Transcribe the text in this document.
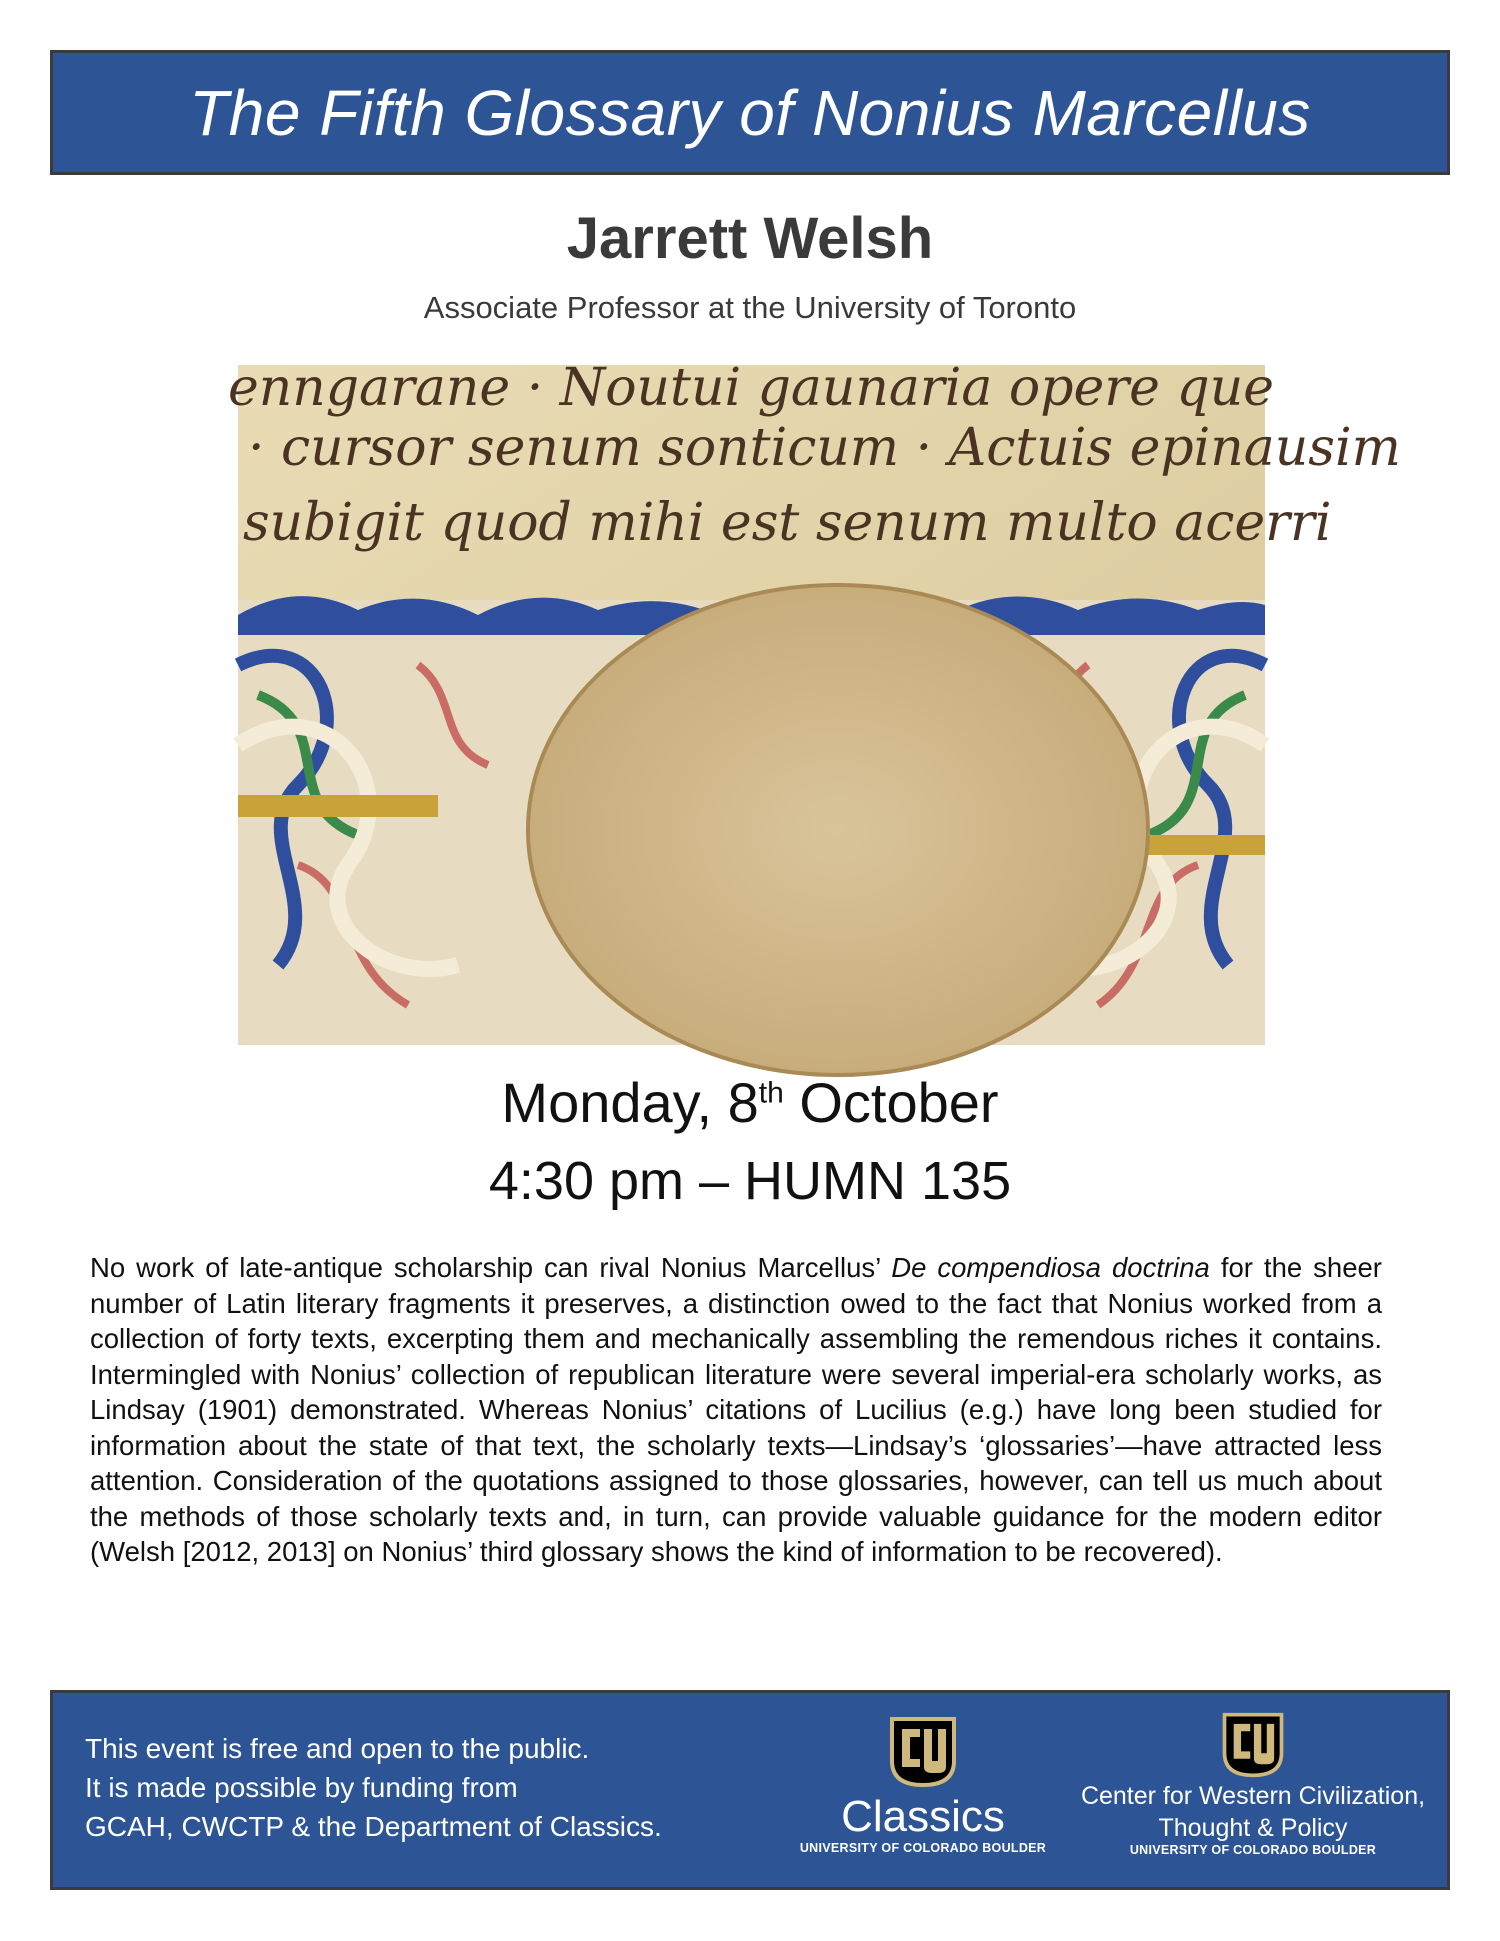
The Fifth Glossary of Nonius Marcellus
Jarrett Welsh
Associate Professor at the University of Toronto
enngarane · Noutui gaunaria opere que
· cursor senum sonticum · Actuis epinausim
subigit quod mihi est senum multo acerri
Monday, 8th October
4:30 pm – HUMN 135

No work of late-antique scholarship can rival Nonius Marcellus’ De compendiosa doctrina for the sheer number of Latin literary fragments it preserves, a distinction owed to the fact that Nonius worked from a collection of forty texts, excerpting them and mechanically assembling the remendous riches it contains. Intermingled with Nonius’ collection of republican literature were several imperial-era scholarly works, as Lindsay (1901) demonstrated. Whereas Nonius’ citations of Lucilius (e.g.) have long been studied for information about the state of that text, the scholarly texts—Lindsay’s ‘glossaries’—have attracted less attention. Consideration of the quotations assigned to those glossaries, however, can tell us much about the methods of those scholarly texts and, in turn, can provide valuable guidance for the modern editor (Welsh [2012, 2013] on Nonius’ third glossary shows the kind of information to be recovered).

This event is free and open to the public.
It is made possible by funding from
GCAH, CWCTP & the Department of Classics.	Classics
UNIVERSITY OF COLORADO BOULDER
Center for Western Civilization,
Thought & Policy
UNIVERSITY OF COLORADO BOULDER
